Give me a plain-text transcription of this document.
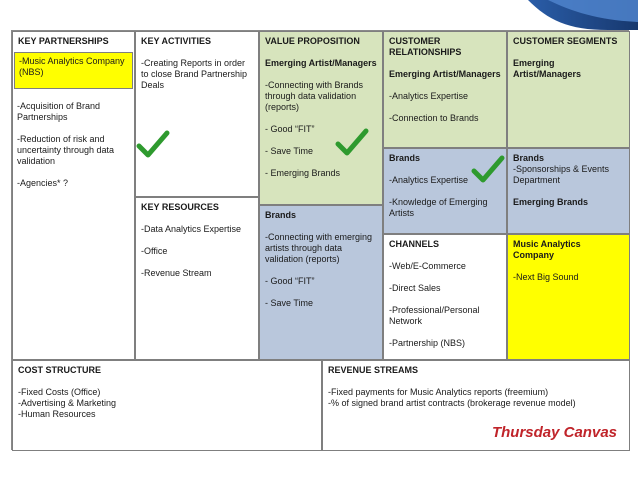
KEY PARTNERSHIPS
-Music Analytics Company (NBS)
-Acquisition of Brand Partnerships
-Reduction of risk and uncertainty through data validation
-Agencies* ?
KEY ACTIVITIES
-Creating Reports in order to close Brand Partnership Deals
KEY RESOURCES
-Data Analytics Expertise
-Office
-Revenue Stream
VALUE PROPOSITION
Emerging Artist/Managers
-Connecting with Brands through data validation (reports)
- Good “FIT”
- Save Time
- Emerging Brands
Brands
-Connecting with emerging artists through data validation (reports)
- Good “FIT”
- Save Time
CUSTOMER RELATIONSHIPS
Emerging Artist/Managers
-Analytics Expertise
-Connection to Brands
Brands
-Analytics Expertise
-Knowledge of Emerging Artists
CHANNELS
-Web/E-Commerce
-Direct Sales
-Professional/Personal Network
-Partnership (NBS)
CUSTOMER SEGMENTS
Emerging Artist/Managers
Brands
-Sponsorships & Events Department
Emerging Brands
Music Analytics Company
-Next Big Sound
COST STRUCTURE
-Fixed Costs (Office)
-Advertising & Marketing
-Human Resources
REVENUE STREAMS
-Fixed payments for Music Analytics reports (freemium)
-% of signed brand artist contracts (brokerage revenue model)
Thursday Canvas
